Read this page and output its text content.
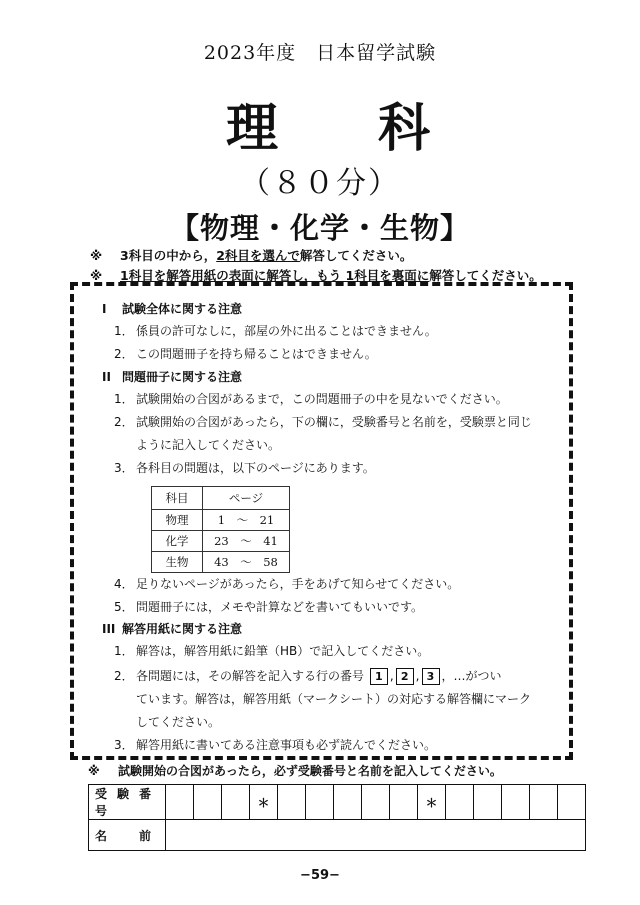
2023年度　日本留学試験
理　科
（８０分）
【物理・化学・生物】
※ 3科目の中から，2科目を選んで解答してください。
※ 1科目を解答用紙の表面に解答し，もう 1科目を裏面に解答してください。
I 試験全体に関する注意
1． 係員の許可なしに，部屋の外に出ることはできません。
2． この問題冊子を持ち帰ることはできません。
II 問題冊子に関する注意
1． 試験開始の合図があるまで，この問題冊子の中を見ないでください。
2． 試験開始の合図があったら，下の欄に，受験番号と名前を，受験票と同じ
ように記入してください。
3． 各科目の問題は，以下のページにあります。
科目	ページ
物理	1　～　21
化学	23　～　41
生物	43　～　58
4． 足りないページがあったら，手をあげて知らせてください。
5． 問題冊子には，メモや計算などを書いてもいいです。
III 解答用紙に関する注意
1． 解答は，解答用紙に鉛筆（HB）で記入してください。
2． 各問題には，その解答を記入する行の番号 1 , 2 , 3 ，…がつい
ています。解答は，解答用紙（マークシート）の対応する解答欄にマーク
してください。
3． 解答用紙に書いてある注意事項も必ず読んでください。
※ 試験開始の合図があったら，必ず受験番号と名前を記入してください。
受験番号				＊						＊					
名　前															
−59−
